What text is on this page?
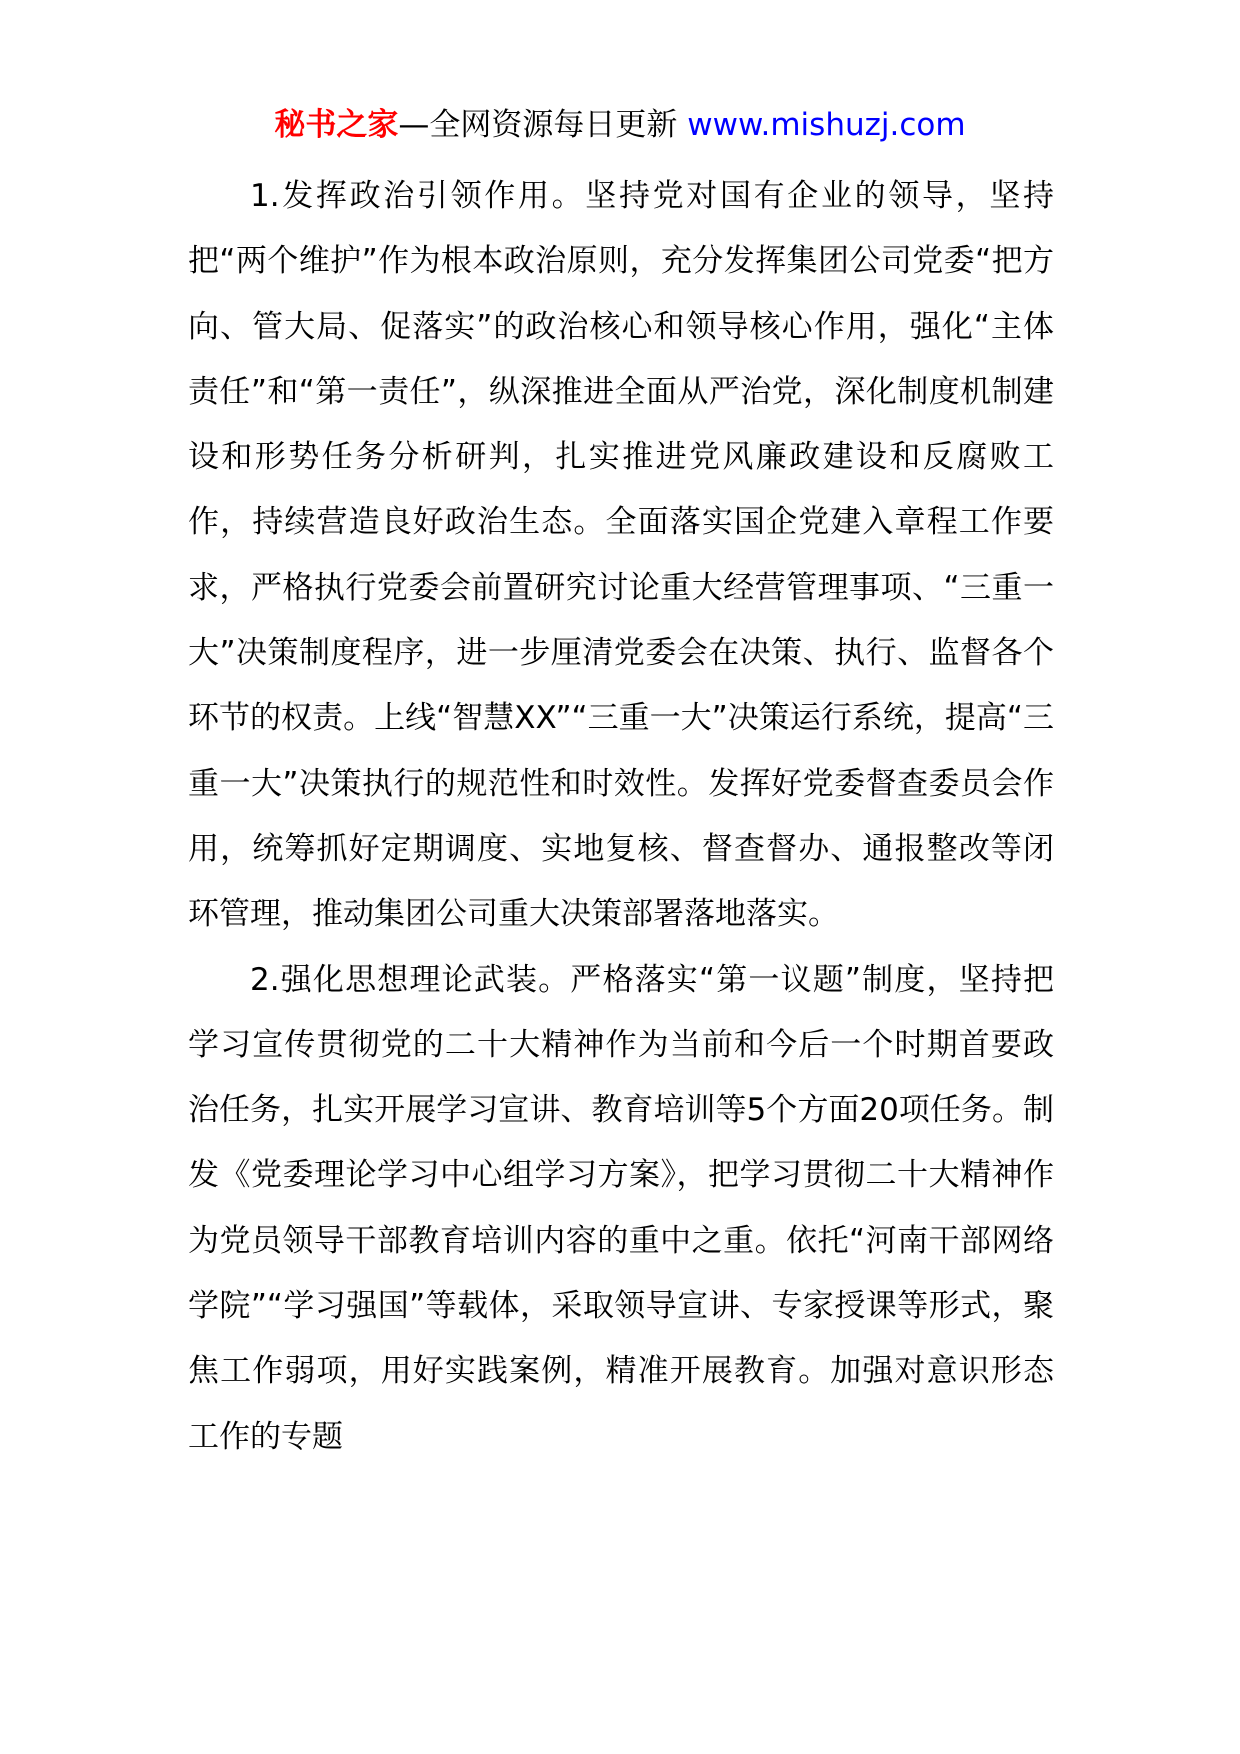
秘书之家—全网资源每日更新 www.mishuzj.com

1.发挥政治引领作用。坚持党对国有企业的领导，坚持把“两个维护”作为根本政治原则，充分发挥集团公司党委“把方向、管大局、促落实”的政治核心和领导核心作用，强化“主体责任”和“第一责任”，纵深推进全面从严治党，深化制度机制建设和形势任务分析研判，扎实推进党风廉政建设和反腐败工作，持续营造良好政治生态。全面落实国企党建入章程工作要求，严格执行党委会前置研究讨论重大经营管理事项、“三重一大”决策制度程序，进一步厘清党委会在决策、执行、监督各个环节的权责。上线“智慧XX”“三重一大”决策运行系统，提高“三重一大”决策执行的规范性和时效性。发挥好党委督查委员会作用，统筹抓好定期调度、实地复核、督查督办、通报整改等闭环管理，推动集团公司重大决策部署落地落实。

2.强化思想理论武装。严格落实“第一议题”制度，坚持把学习宣传贯彻党的二十大精神作为当前和今后一个时期首要政治任务，扎实开展学习宣讲、教育培训等5个方面20项任务。制发《党委理论学习中心组学习方案》，把学习贯彻二十大精神作为党员领导干部教育培训内容的重中之重。依托“河南干部网络学院”“学习强国”等载体，采取领导宣讲、专家授课等形式，聚焦工作弱项，用好实践案例，精准开展教育。加强对意识形态工作的专题
